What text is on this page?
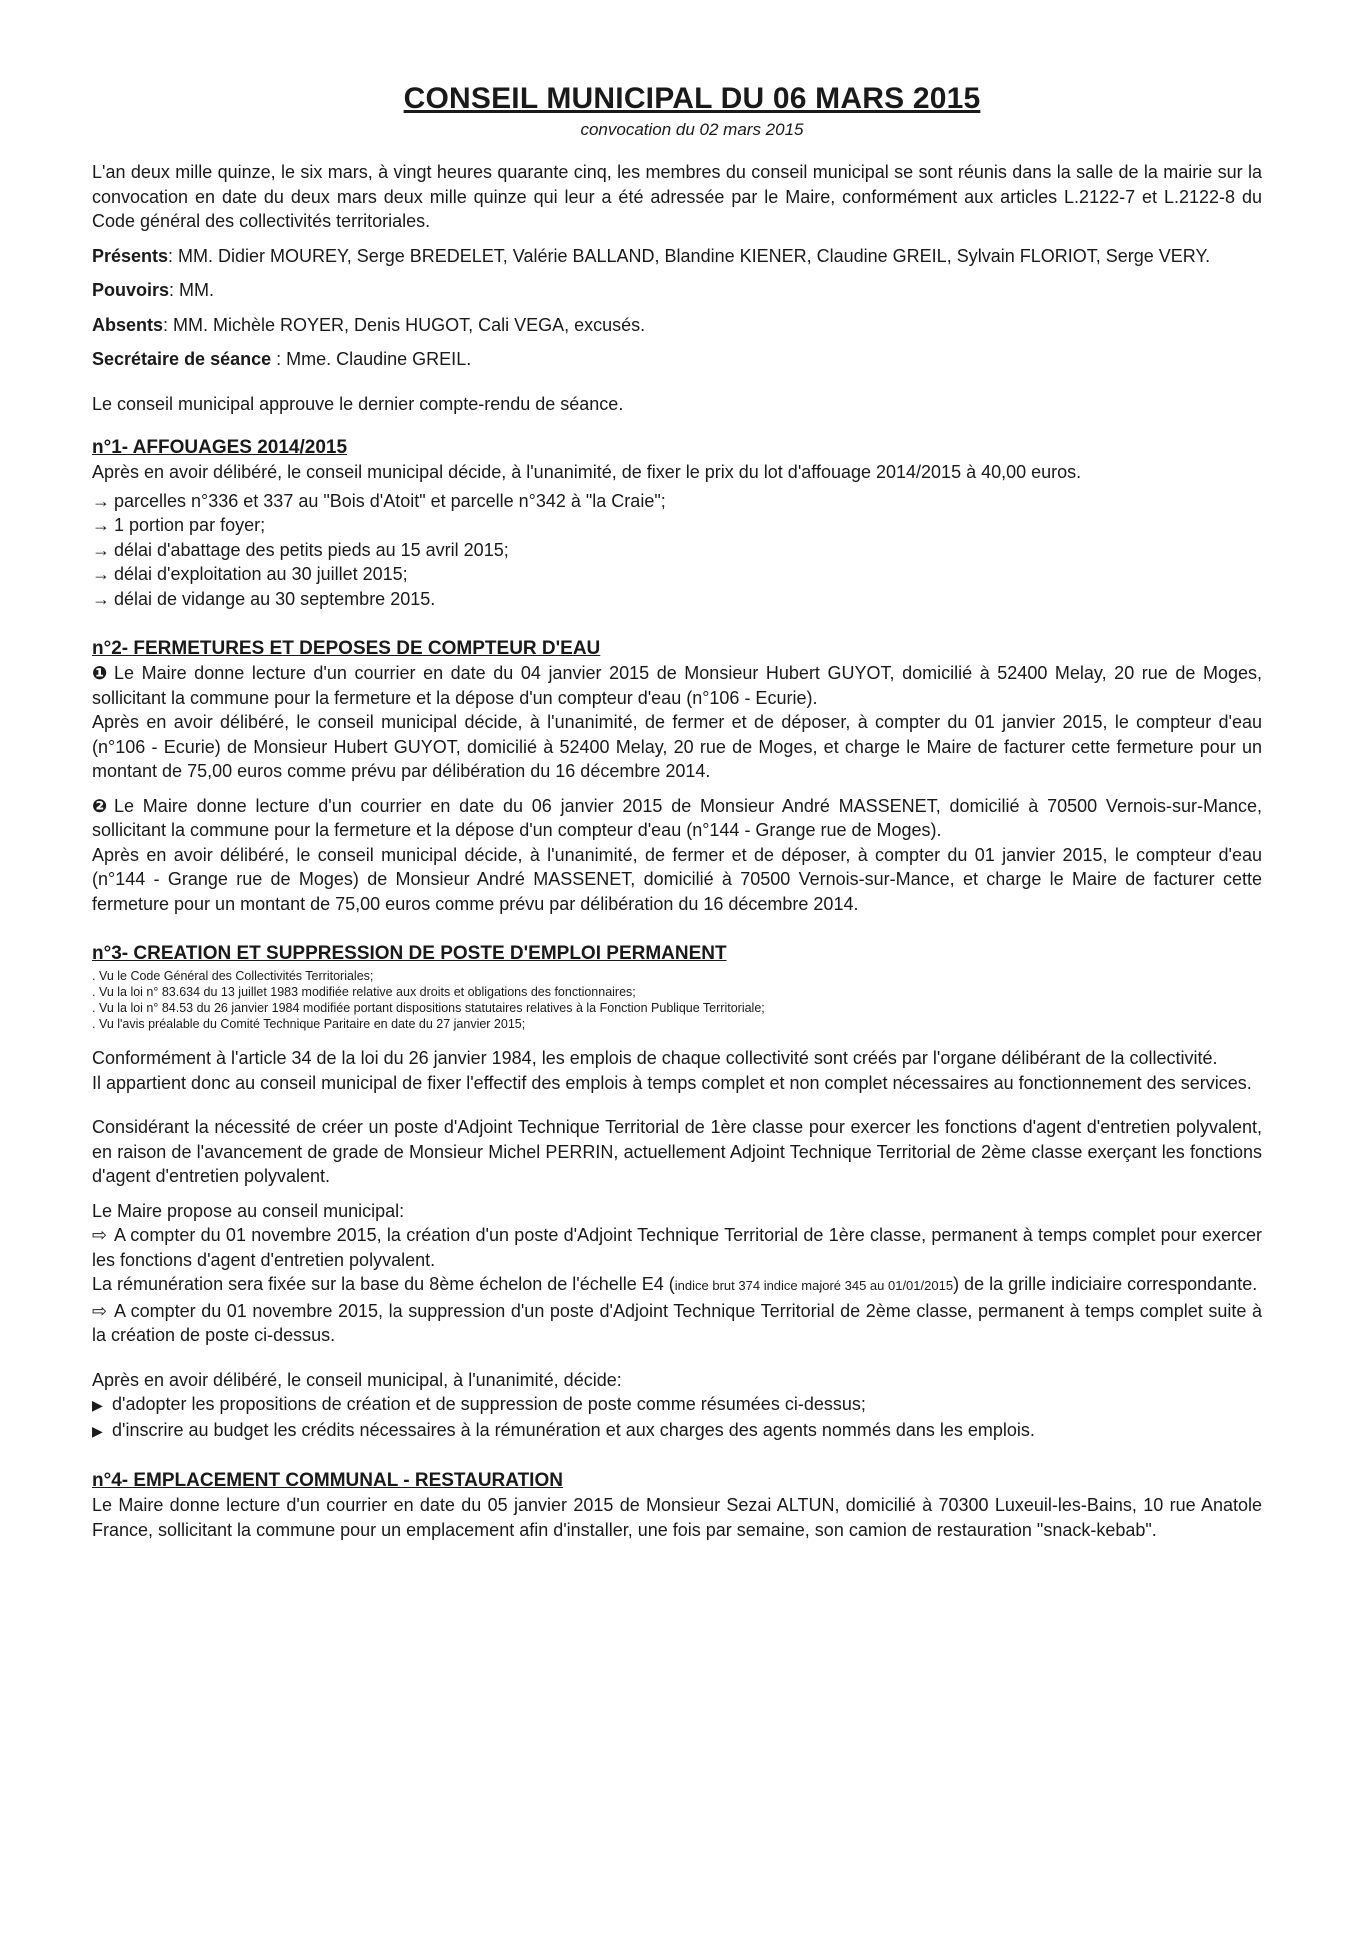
CONSEIL MUNICIPAL DU 06 MARS 2015
convocation du 02 mars 2015

L'an deux mille quinze, le six mars, à vingt heures quarante cinq, les membres du conseil municipal se sont réunis dans la salle de la mairie sur la convocation en date du deux mars deux mille quinze qui leur a été adressée par le Maire, conformément aux articles L.2122-7 et L.2122-8 du Code général des collectivités territoriales.

Présents: MM. Didier MOUREY, Serge BREDELET, Valérie BALLAND, Blandine KIENER, Claudine GREIL, Sylvain FLORIOT, Serge VERY.

Pouvoirs: MM.

Absents: MM. Michèle ROYER, Denis HUGOT, Cali VEGA, excusés.

Secrétaire de séance : Mme. Claudine GREIL.

Le conseil municipal approuve le dernier compte-rendu de séance.

n°1- AFFOUAGES 2014/2015

Après en avoir délibéré, le conseil municipal décide, à l'unanimité, de fixer le prix du lot d'affouage 2014/2015 à 40,00 euros.

→ parcelles n°336 et 337 au "Bois d'Atoit" et parcelle n°342 à "la Craie";
→ 1 portion par foyer;
→ délai d'abattage des petits pieds au 15 avril 2015;
→ délai d'exploitation au 30 juillet 2015;
→ délai de vidange au 30 septembre 2015.
n°2- FERMETURES ET DEPOSES DE COMPTEUR D'EAU

❶ Le Maire donne lecture d'un courrier en date du 04 janvier 2015 de Monsieur Hubert GUYOT, domicilié à 52400 Melay, 20 rue de Moges, sollicitant la commune pour la fermeture et la dépose d'un compteur d'eau (n°106 - Ecurie).

Après en avoir délibéré, le conseil municipal décide, à l'unanimité, de fermer et de déposer, à compter du 01 janvier 2015, le compteur d'eau (n°106 - Ecurie) de Monsieur Hubert GUYOT, domicilié à 52400 Melay, 20 rue de Moges, et charge le Maire de facturer cette fermeture pour un montant de 75,00 euros comme prévu par délibération du 16 décembre 2014.

❷ Le Maire donne lecture d'un courrier en date du 06 janvier 2015 de Monsieur André MASSENET, domicilié à 70500 Vernois-sur-Mance, sollicitant la commune pour la fermeture et la dépose d'un compteur d'eau (n°144 - Grange rue de Moges).

Après en avoir délibéré, le conseil municipal décide, à l'unanimité, de fermer et de déposer, à compter du 01 janvier 2015, le compteur d'eau (n°144 - Grange rue de Moges) de Monsieur André MASSENET, domicilié à 70500 Vernois-sur-Mance, et charge le Maire de facturer cette fermeture pour un montant de 75,00 euros comme prévu par délibération du 16 décembre 2014.

n°3- CREATION ET SUPPRESSION DE POSTE D'EMPLOI PERMANENT
. Vu le Code Général des Collectivités Territoriales;
. Vu la loi n° 83.634 du 13 juillet 1983 modifiée relative aux droits et obligations des fonctionnaires;
. Vu la loi n° 84.53 du 26 janvier 1984 modifiée portant dispositions statutaires relatives à la Fonction Publique Territoriale;
. Vu l'avis préalable du Comité Technique Paritaire en date du 27 janvier 2015;

Conformément à l'article 34 de la loi du 26 janvier 1984, les emplois de chaque collectivité sont créés par l'organe délibérant de la collectivité.

Il appartient donc au conseil municipal de fixer l'effectif des emplois à temps complet et non complet nécessaires au fonctionnement des services.

Considérant la nécessité de créer un poste d'Adjoint Technique Territorial de 1ère classe pour exercer les fonctions d'agent d'entretien polyvalent, en raison de l'avancement de grade de Monsieur Michel PERRIN, actuellement Adjoint Technique Territorial de 2ème classe exerçant les fonctions d'agent d'entretien polyvalent.

Le Maire propose au conseil municipal:

⇨ A compter du 01 novembre 2015, la création d'un poste d'Adjoint Technique Territorial de 1ère classe, permanent à temps complet pour exercer les fonctions d'agent d'entretien polyvalent.

La rémunération sera fixée sur la base du 8ème échelon de l'échelle E4 (indice brut 374 indice majoré 345 au 01/01/2015) de la grille indiciaire correspondante.

⇨ A compter du 01 novembre 2015, la suppression d'un poste d'Adjoint Technique Territorial de 2ème classe, permanent à temps complet suite à la création de poste ci-dessus.

Après en avoir délibéré, le conseil municipal, à l'unanimité, décide:

▶ d'adopter les propositions de création et de suppression de poste comme résumées ci-dessus;

▶ d'inscrire au budget les crédits nécessaires à la rémunération et aux charges des agents nommés dans les emplois.

n°4- EMPLACEMENT COMMUNAL - RESTAURATION

Le Maire donne lecture d'un courrier en date du 05 janvier 2015 de Monsieur Sezai ALTUN, domicilié à 70300 Luxeuil-les-Bains, 10 rue Anatole France, sollicitant la commune pour un emplacement afin d'installer, une fois par semaine, son camion de restauration "snack-kebab".
